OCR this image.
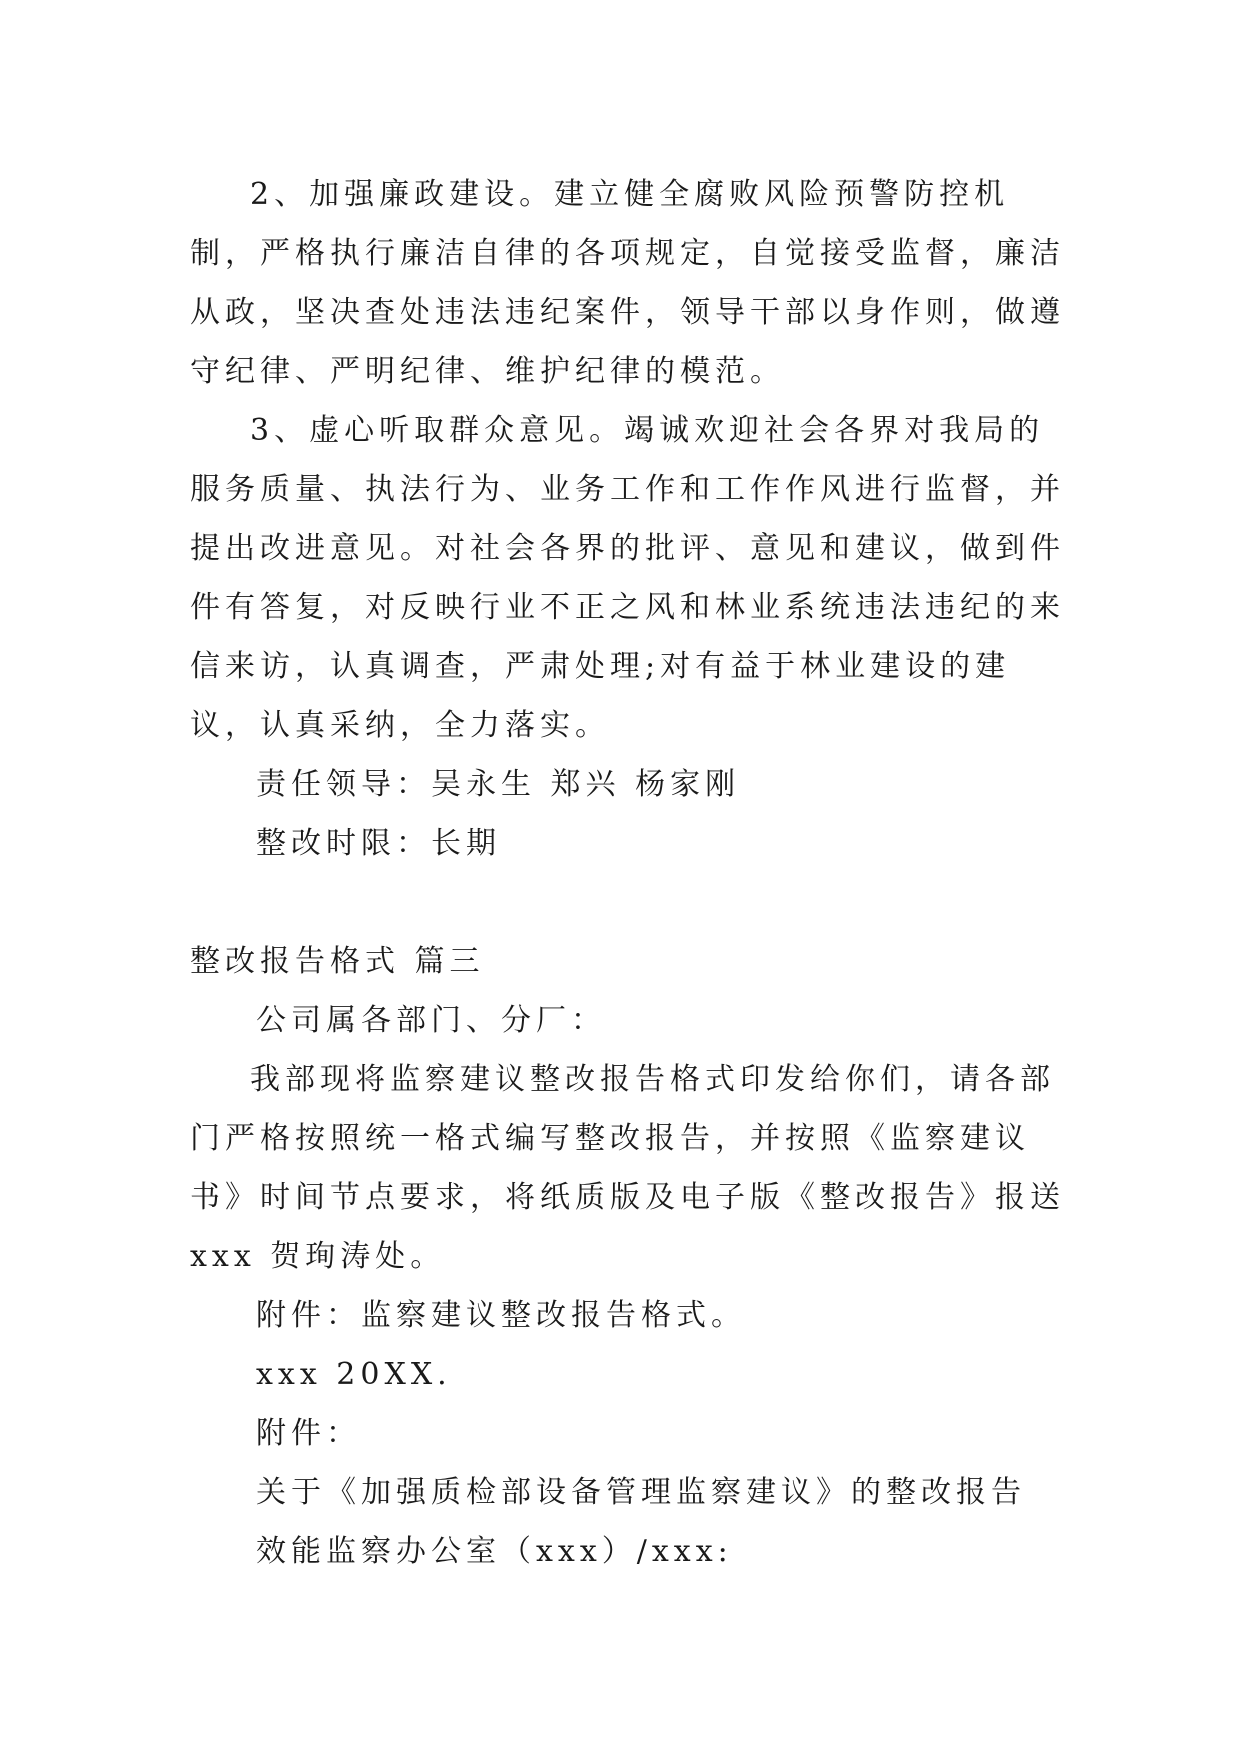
2、加强廉政建设。建立健全腐败风险预警防控机制，严格执行廉洁自律的各项规定，自觉接受监督，廉洁从政，坚决查处违法违纪案件，领导干部以身作则，做遵守纪律、严明纪律、维护纪律的模范。

3、虚心听取群众意见。竭诚欢迎社会各界对我局的服务质量、执法行为、业务工作和工作作风进行监督，并提出改进意见。对社会各界的批评、意见和建议，做到件件有答复，对反映行业不正之风和林业系统违法违纪的来信来访，认真调查，严肃处理;对有益于林业建设的建议，认真采纳，全力落实。

责任领导：吴永生 郑兴 杨家刚

整改时限：长期

整改报告格式 篇三

公司属各部门、分厂：

我部现将监察建议整改报告格式印发给你们，请各部门严格按照统一格式编写整改报告，并按照《监察建议书》时间节点要求，将纸质版及电子版《整改报告》报送 xxx 贺珣涛处。

附件：监察建议整改报告格式。

xxx 20XX.

附件：

关于《加强质检部设备管理监察建议》的整改报告

效能监察办公室（xxx）/xxx:
